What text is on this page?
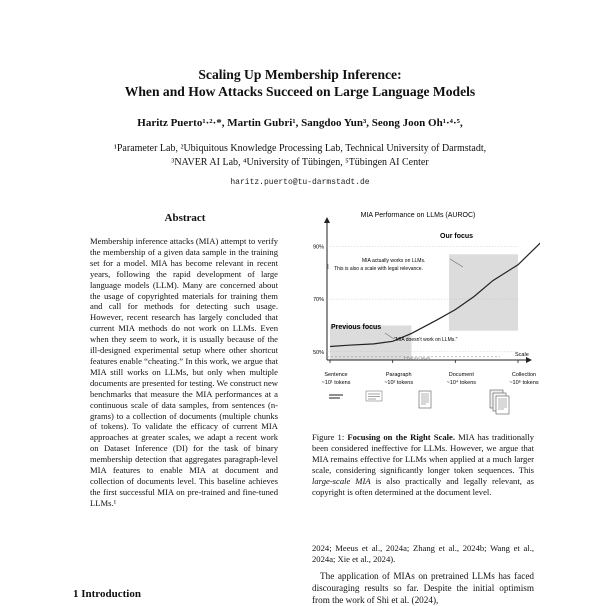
Scaling Up Membership Inference:
When and How Attacks Succeed on Large Language Models
Haritz Puerto¹·²·*, Martin Gubri¹, Sangdoo Yun³, Seong Joon Oh¹·⁴·⁵,
¹Parameter Lab, ²Ubiquitous Knowledge Processing Lab, Technical University of Darmstadt,
³NAVER AI Lab, ⁴University of Tübingen, ⁵Tübingen AI Center
haritz.puerto@tu-darmstadt.de
Abstract

Membership inference attacks (MIA) attempt to verify the membership of a given data sample in the training set for a model. MIA has become relevant in recent years, following the rapid development of large language models (LLM). Many are concerned about the usage of copyrighted materials for training them and call for methods for detecting such usage. However, recent research has largely concluded that current MIA methods do not work on LLMs. Even when they seem to work, it is usually because of the ill-designed experimental setup where other shortcut features enable “cheating.” In this work, we argue that MIA still works on LLMs, but only when multiple documents are presented for testing. We construct new benchmarks that measure the MIA performances at a continuous scale of data samples, from sentences (n-grams) to a collection of documents (multiple chunks of tokens). To validate the efficacy of current MIA approaches at greater scales, we adapt a recent work on Dataset Inference (DI) for the task of binary membership detection that aggregates paragraph-level MIA features to enable MIA at document and collection of documents level. This baseline achieves the first successful MIA on pre-trained and fine-tuned LLMs.¹

MIA Performance on LLMs (AUROC)
50%
70%
90%
Chance level
Our focus
Previous focus
MIA actually works on LLMs.
This is also a scale with legal relevance.
"MIA doesn't work on LLMs."
Scale
Sentence
~10¹ tokens
Paragraph
~10² tokens
Document
~10⁴ tokens
Collection
~10⁶ tokens

Figure 1: Focusing on the Right Scale. MIA has traditionally been considered ineffective for LLMs. However, we argue that MIA remains effective for LLMs when applied at a much larger scale, considering significantly longer token sequences. This large-scale MIA is also practically and legally relevant, as copyright is often determined at the document level.

2024; Meeus et al., 2024a; Zhang et al., 2024b; Wang et al., 2024a; Xie et al., 2024).

The application of MIAs on pretrained LLMs has faced discouraging results so far. Despite the initial optimism from the work of Shi et al. (2024),

1 Introduction
